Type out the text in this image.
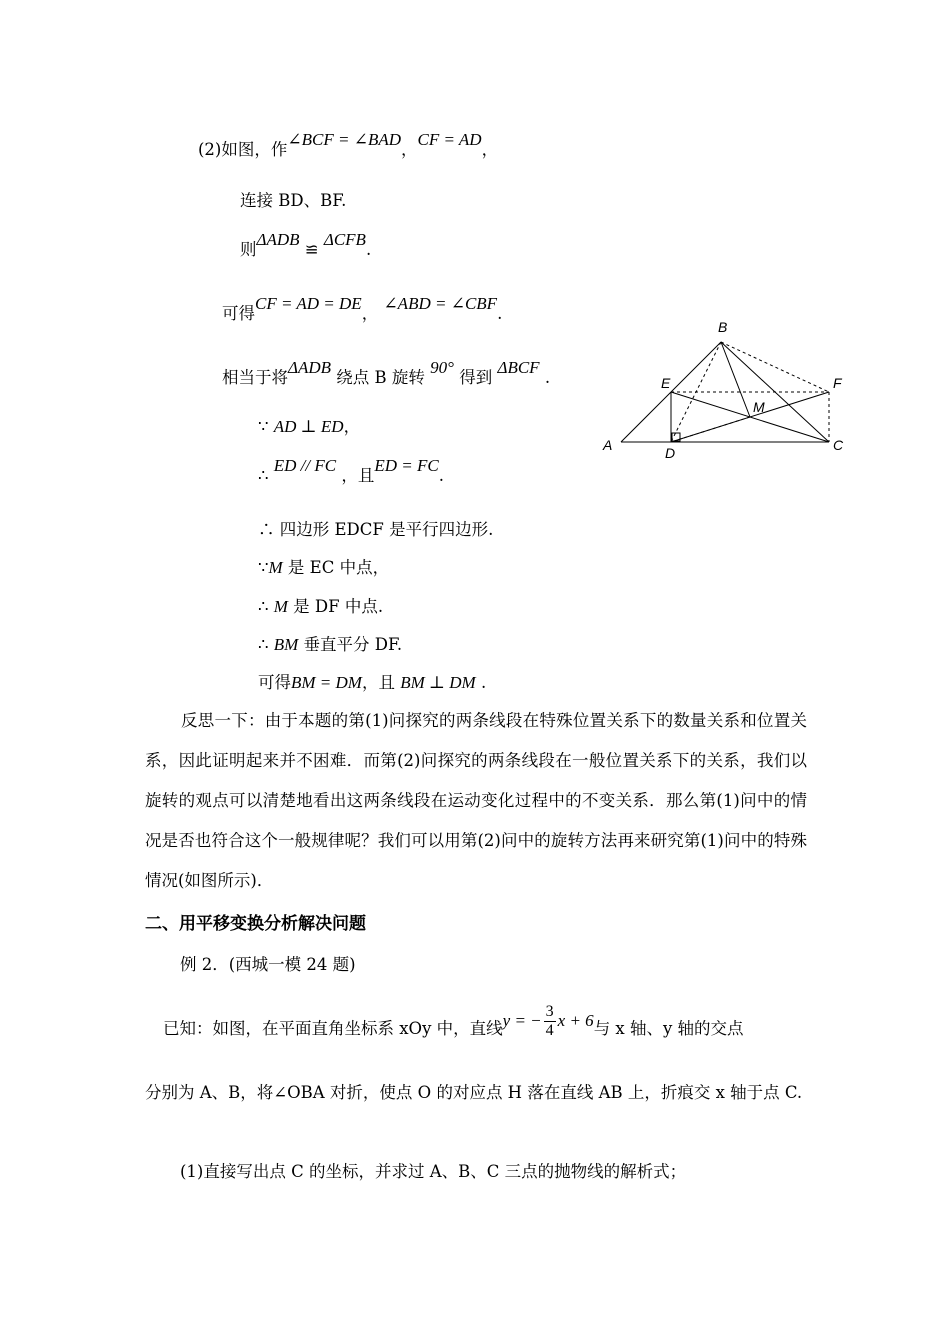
(2)如图，作∠BCF = ∠BAD，CF = AD，
连接 BD、BF.
则ΔADB ≌ ΔCFB.
可得CF = AD = DE， ∠ABD = ∠CBF.
相当于将ΔADB 绕点 B 旋转 90° 得到 ΔBCF .
∵ AD ⊥ ED，
∴ ED // FC ，且ED = FC.
∴ 四边形 EDCF 是平行四边形.
∵M 是 EC 中点，
∴ M 是 DF 中点.
∴ BM 垂直平分 DF.
可得BM = DM，且 BM ⊥ DM .
B
E	F
M
A	D	C
反思一下：由于本题的第(1)问探究的两条线段在特殊位置关系下的数量关系和位置关系，因此证明起来并不困难．而第(2)问探究的两条线段在一般位置关系下的关系，我们以旋转的观点可以清楚地看出这两条线段在运动变化过程中的不变关系．那么第(1)问中的情况是否也符合这个一般规律呢？我们可以用第(2)问中的旋转方法再来研究第(1)问中的特殊情况(如图所示)．
二、用平移变换分析解决问题
例 2．(西城一模 24 题)
已知：如图，在平面直角坐标系 xOy 中，直线y = − $\frac{3}{4}$ x + 6与 x 轴、y 轴的交点
分别为 A、B，将∠OBA 对折，使点 O 的对应点 H 落在直线 AB 上，折痕交 x 轴于点 C.
(1)直接写出点 C 的坐标，并求过 A、B、C 三点的抛物线的解析式；
